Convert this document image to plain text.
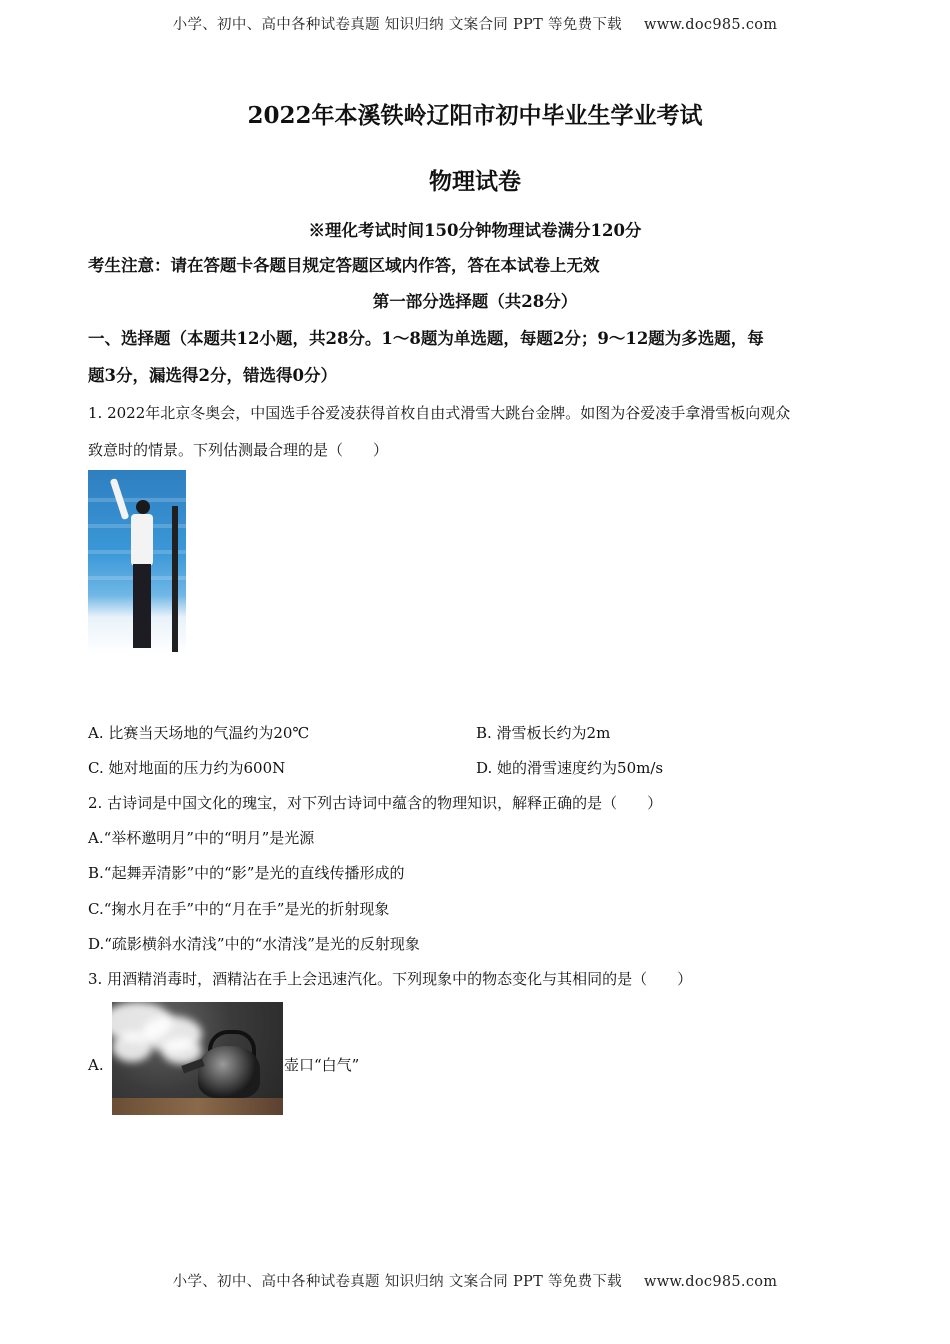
小学、初中、高中各种试卷真题 知识归纳 文案合同 PPT 等免费下载 www.doc985.com
2022年本溪铁岭辽阳市初中毕业生学业考试
物理试卷
※理化考试时间150分钟物理试卷满分120分
考生注意：请在答题卡各题目规定答题区域内作答，答在本试卷上无效
第一部分选择题（共28分）
一、选择题（本题共12小题，共28分。1～8题为单选题，每题2分；9～12题为多选题，每
题3分，漏选得2分，错选得0分）
1. 2022年北京冬奥会，中国选手谷爱凌获得首枚自由式滑雪大跳台金牌。如图为谷爱凌手拿滑雪板向观众
致意时的情景。下列估测最合理的是（　　）
A. 比赛当天场地的气温约为20℃	B. 滑雪板长约为2m
C. 她对地面的压力约为600N	D. 她的滑雪速度约为50m/s
2. 古诗词是中国文化的瑰宝，对下列古诗词中蕴含的物理知识，解释正确的是（　　）
A.“举杯邀明月”中的“明月”是光源
B.“起舞弄清影”中的“影”是光的直线传播形成的
C.“掬水月在手”中的“月在手”是光的折射现象
D.“疏影横斜水清浅”中的“水清浅”是光的反射现象
3. 用酒精消毒时，酒精沾在手上会迅速汽化。下列现象中的物态变化与其相同的是（　　）
A.	壶口“白气”
小学、初中、高中各种试卷真题 知识归纳 文案合同 PPT 等免费下载 www.doc985.com
